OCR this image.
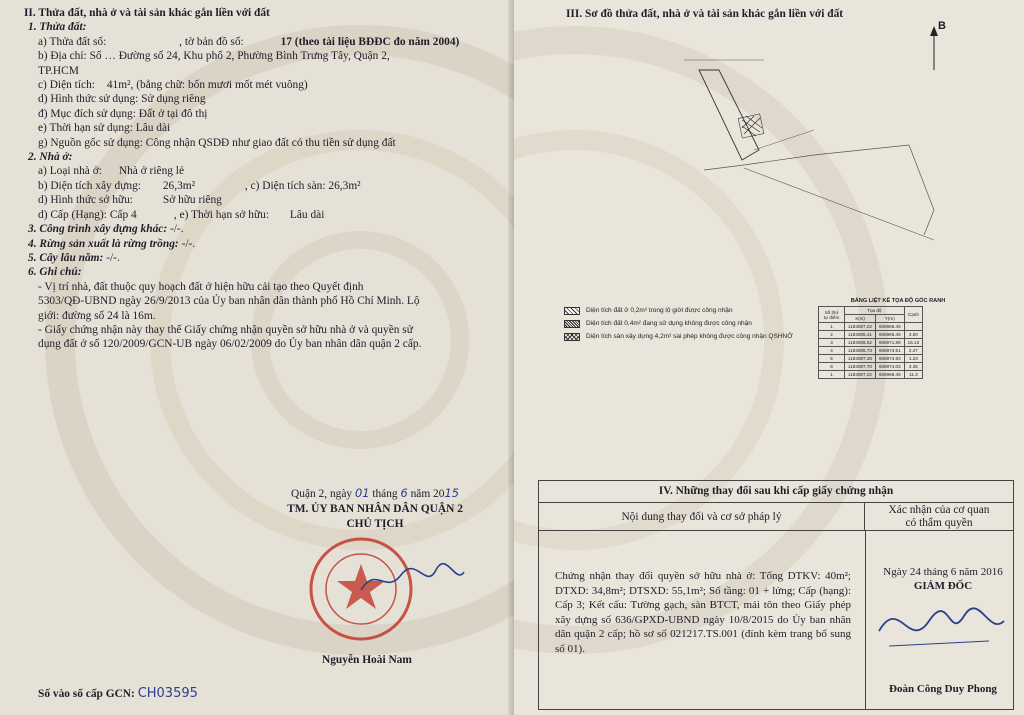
II. Thửa đất, nhà ở và tài sản khác gắn liền với đất
1. Thửa đất:
a) Thửa đất số:	, tờ bản đồ số:	17 (theo tài liệu BĐĐC đo năm 2004)
b) Địa chỉ: Số … Đường số 24, Khu phố 2, Phường Bình Trưng Tây, Quận 2,
TP.HCM
c) Diện tích: 41m², (bằng chữ: bốn mươi mốt mét vuông)
d) Hình thức sử dụng: Sử dụng riêng
đ) Mục đích sử dụng: Đất ở tại đô thị
e) Thời hạn sử dụng: Lâu dài
g) Nguồn gốc sử dụng: Công nhận QSDĐ như giao đất có thu tiền sử dụng đất
2. Nhà ở:
a) Loại nhà ở: Nhà ở riêng lẻ
b) Diện tích xây dựng: 26,3m²	, c) Diện tích sàn: 26,3m²
d) Hình thức sở hữu:	Sở hữu riêng
d) Cấp (Hạng): Cấp 4	, e) Thời hạn sở hữu: Lâu dài
3. Công trình xây dựng khác: -/-.
4. Rừng sản xuất là rừng trồng: -/-.
5. Cây lâu năm: -/-.
6. Ghi chú:
- Vị trí nhà, đất thuộc quy hoạch đất ở hiện hữu cải tạo theo Quyết định
5303/QĐ-UBND ngày 26/9/2013 của Ủy ban nhân dân thành phố Hồ Chí Minh. Lộ
giới: đường số 24 là 16m.
- Giấy chứng nhận này thay thế Giấy chứng nhận quyền sở hữu nhà ở và quyền sử
dụng đất ở số 120/2009/GCN-UB ngày 06/02/2009 do Ủy ban nhân dân quận 2 cấp.
Quận 2, ngày 01 tháng 6 năm 2015
TM. ỦY BAN NHÂN DÂN QUẬN 2
CHỦ TỊCH
Nguyễn Hoài Nam
Số vào sổ cấp GCN: CH03595
III. Sơ đồ thửa đất, nhà ở và tài sản khác gắn liền với đất
B
Diện tích đất ở 0,2m² trong lộ giới được công nhận
Diện tích đất 0,4m² đang sử dụng không được công nhận
Diện tích sàn xây dựng 4,2m² sai phép không được công nhận QSHNỞ
BẢNG LIỆT KÊ TỌA ĐỘ GÓC RANH
Số thứ tự điểm	Tọa độ		Cạnh
	X(m)	Y(m)	
1	1183087.22	609968.49	
2	1183085.41	609965.49	3.00
3	1183086.52	609971.89	15.13
4	1183086.73	609973.51	2.27
5	1183087.28	609974.83	1.23
6	1183087.70	609974.03	3.35
1	1183087.22	609968.49	11.3
IV. Những thay đổi sau khi cấp giấy chứng nhận
Nội dung thay đổi và cơ sở pháp lý
Xác nhận của cơ quan
có thẩm quyền
Chứng nhận thay đổi quyền sở hữu nhà ở: Tổng DTKV: 40m²; DTXD: 34,8m²; DTSXD: 55,1m²; Số tầng: 01 + lửng; Cấp (hạng): Cấp 3; Kết cấu: Tường gạch, sàn BTCT, mái tôn theo Giấy phép xây dựng số 636/GPXD-UBND ngày 10/8/2015 do Ủy ban nhân dân quận 2 cấp; hồ sơ số 021217.TS.001 (đính kèm trang bổ sung số 01).
Ngày 24 tháng 6 năm 2016
GIÁM ĐỐC
Đoàn Công Duy Phong
